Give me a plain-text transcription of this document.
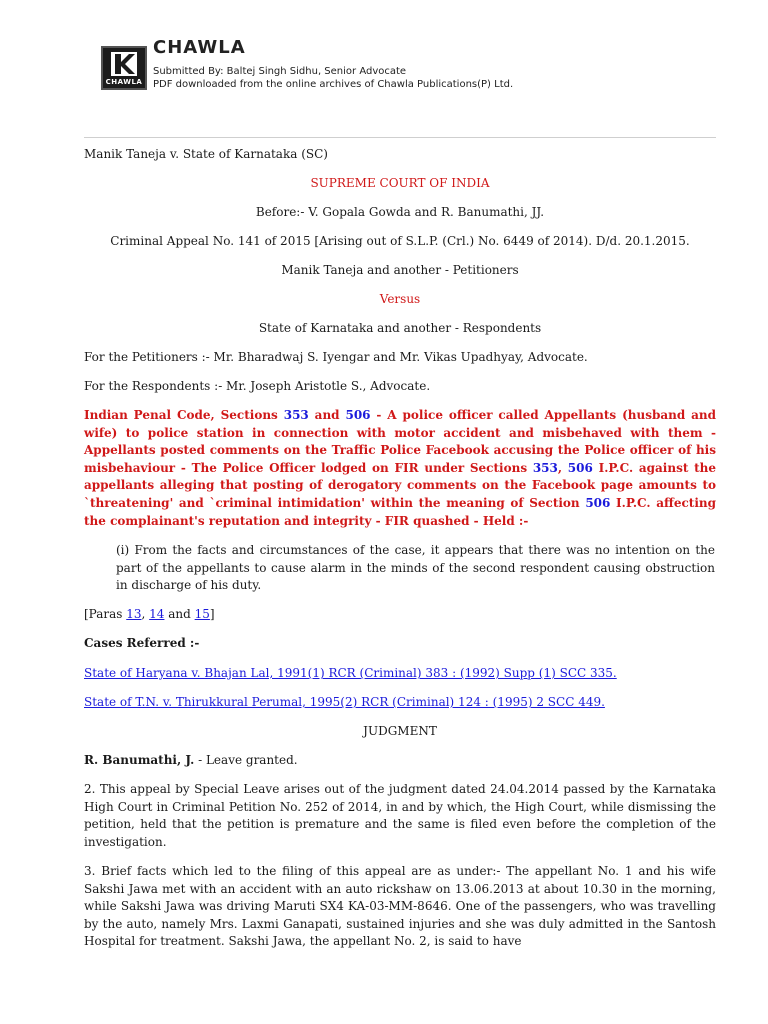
CHAWLA
CHAWLA
Submitted By: Baltej Singh Sidhu, Senior Advocate
PDF downloaded from the online archives of Chawla Publications(P) Ltd.
Manik Taneja v. State of Karnataka (SC)
SUPREME COURT OF INDIA
Before:- V. Gopala Gowda and R. Banumathi, JJ.
Criminal Appeal No. 141 of 2015 [Arising out of S.L.P. (Crl.) No. 6449 of 2014). D/d. 20.1.2015.
Manik Taneja and another - Petitioners
Versus
State of Karnataka and another - Respondents
For the Petitioners :- Mr. Bharadwaj S. Iyengar and Mr. Vikas Upadhyay, Advocate.
For the Respondents :- Mr. Joseph Aristotle S., Advocate.
Indian Penal Code, Sections 353 and 506 - A police officer called Appellants (husband and wife) to police station in connection with motor accident and misbehaved with them - Appellants posted comments on the Traffic Police Facebook accusing the Police officer of his misbehaviour - The Police Officer lodged on FIR under Sections 353, 506 I.P.C. against the appellants alleging that posting of derogatory comments on the Facebook page amounts to `threatening' and `criminal intimidation' within the meaning of Section 506 I.P.C. affecting the complainant's reputation and integrity - FIR quashed - Held :-
(i) From the facts and circumstances of the case, it appears that there was no intention on the part of the appellants to cause alarm in the minds of the second respondent causing obstruction in discharge of his duty.
[Paras 13, 14 and 15]
Cases Referred :-
State of Haryana v. Bhajan Lal, 1991(1) RCR (Criminal) 383 : (1992) Supp (1) SCC 335.
State of T.N. v. Thirukkural Perumal, 1995(2) RCR (Criminal) 124 : (1995) 2 SCC 449.
JUDGMENT
R. Banumathi, J. - Leave granted.
2. This appeal by Special Leave arises out of the judgment dated 24.04.2014 passed by the Karnataka High Court in Criminal Petition No. 252 of 2014, in and by which, the High Court, while dismissing the petition, held that the petition is premature and the same is filed even before the completion of the investigation.
3. Brief facts which led to the filing of this appeal are as under:- The appellant No. 1 and his wife Sakshi Jawa met with an accident with an auto rickshaw on 13.06.2013 at about 10.30 in the morning, while Sakshi Jawa was driving Maruti SX4 KA-03-MM-8646. One of the passengers, who was travelling by the auto, namely Mrs. Laxmi Ganapati, sustained injuries and she was duly admitted in the Santosh Hospital for treatment. Sakshi Jawa, the appellant No. 2, is said to have
